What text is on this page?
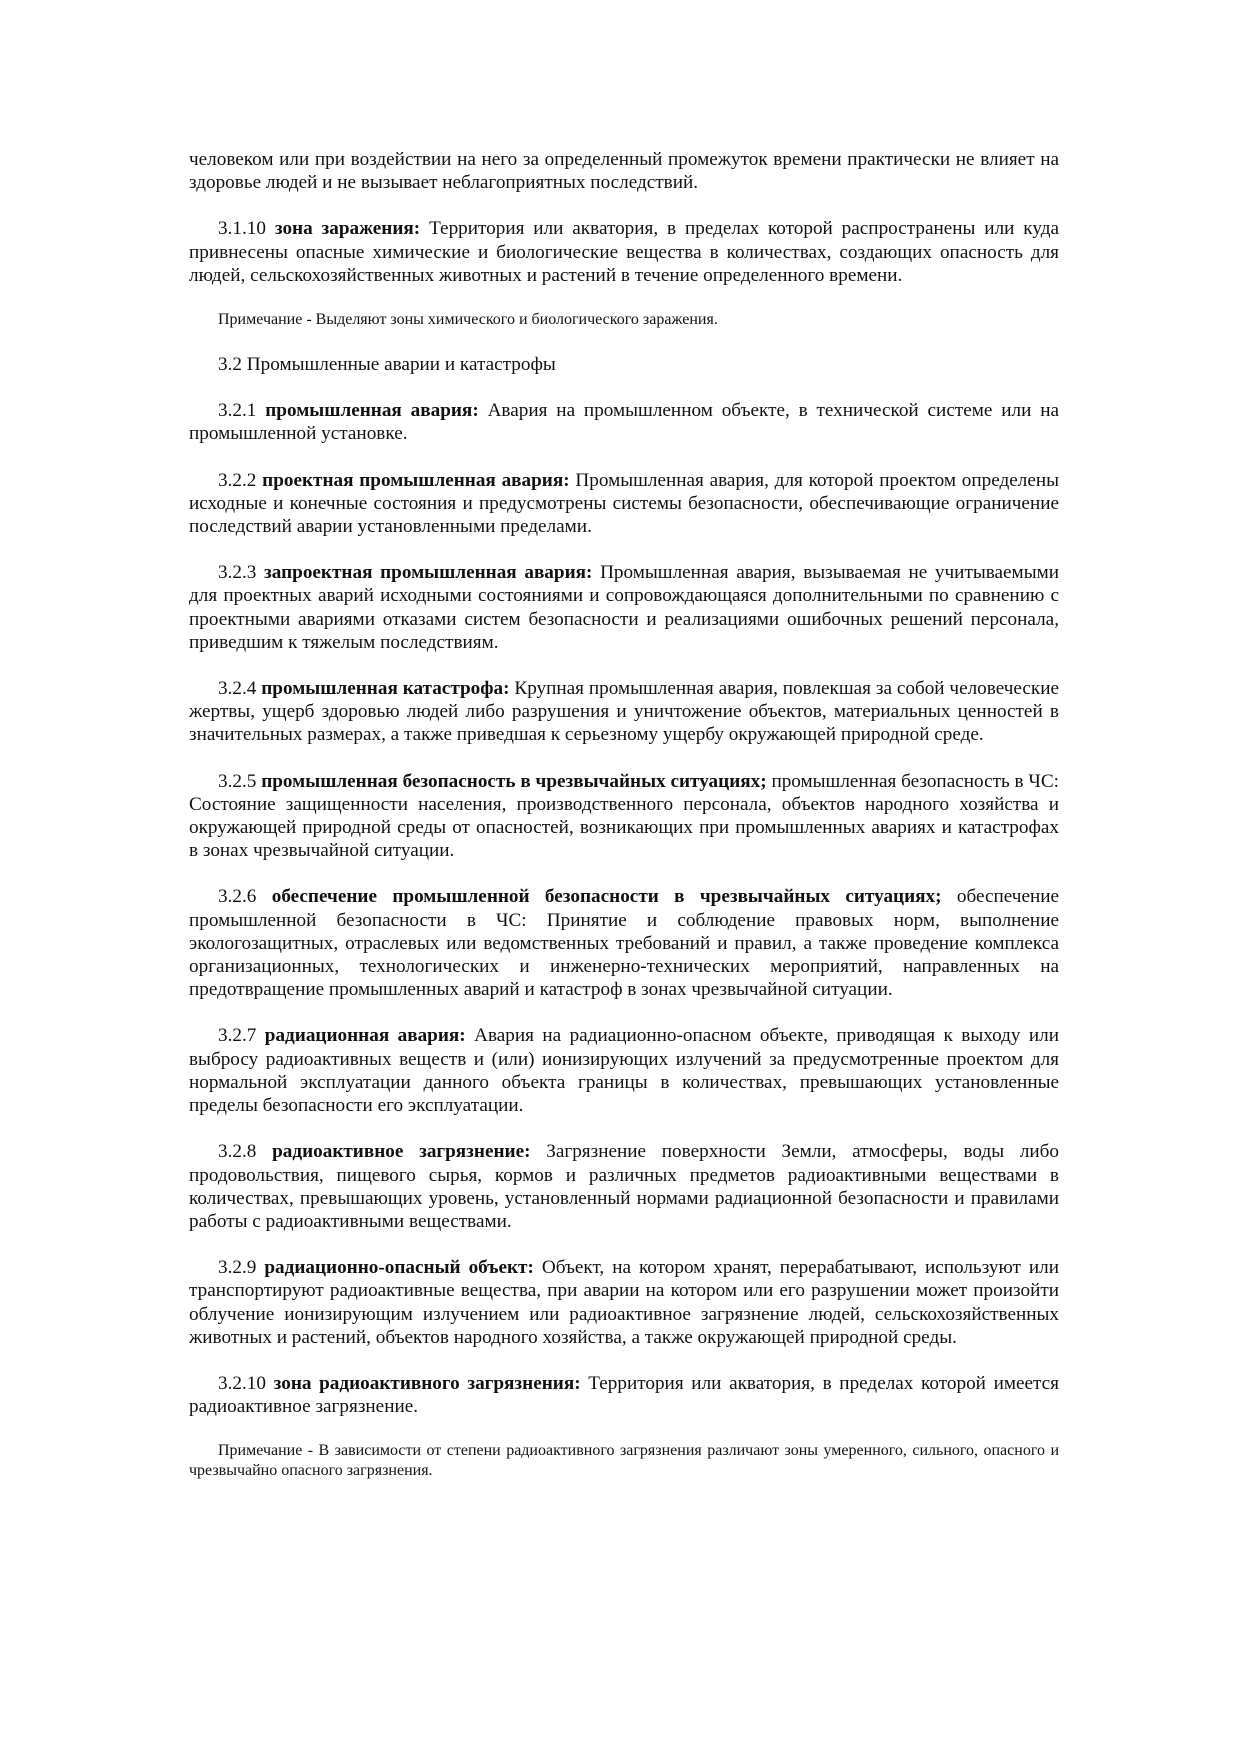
человеком или при воздействии на него за определенный промежуток времени практически не влияет на здоровье людей и не вызывает неблагоприятных последствий.

3.1.10 зона заражения: Территория или акватория, в пределах которой распространены или куда привнесены опасные химические и биологические вещества в количествах, создающих опасность для людей, сельскохозяйственных животных и растений в течение определенного времени.

Примечание - Выделяют зоны химического и биологического заражения.

3.2 Промышленные аварии и катастрофы

3.2.1 промышленная авария: Авария на промышленном объекте, в технической системе или на промышленной установке.

3.2.2 проектная промышленная авария: Промышленная авария, для которой проектом определены исходные и конечные состояния и предусмотрены системы безопасности, обеспечивающие ограничение последствий аварии установленными пределами.

3.2.3 запроектная промышленная авария: Промышленная авария, вызываемая не учитываемыми для проектных аварий исходными состояниями и сопровождающаяся дополнительными по сравнению с проектными авариями отказами систем безопасности и реализациями ошибочных решений персонала, приведшим к тяжелым последствиям.

3.2.4 промышленная катастрофа: Крупная промышленная авария, повлекшая за собой человеческие жертвы, ущерб здоровью людей либо разрушения и уничтожение объектов, материальных ценностей в значительных размерах, а также приведшая к серьезному ущербу окружающей природной среде.

3.2.5 промышленная безопасность в чрезвычайных ситуациях; промышленная безопасность в ЧС: Состояние защищенности населения, производственного персонала, объектов народного хозяйства и окружающей природной среды от опасностей, возникающих при промышленных авариях и катастрофах в зонах чрезвычайной ситуации.

3.2.6 обеспечение промышленной безопасности в чрезвычайных ситуациях; обеспечение промышленной безопасности в ЧС: Принятие и соблюдение правовых норм, выполнение экологозащитных, отраслевых или ведомственных требований и правил, а также проведение комплекса организационных, технологических и инженерно-технических мероприятий, направленных на предотвращение промышленных аварий и катастроф в зонах чрезвычайной ситуации.

3.2.7 радиационная авария: Авария на радиационно-опасном объекте, приводящая к выходу или выбросу радиоактивных веществ и (или) ионизирующих излучений за предусмотренные проектом для нормальной эксплуатации данного объекта границы в количествах, превышающих установленные пределы безопасности его эксплуатации.

3.2.8 радиоактивное загрязнение: Загрязнение поверхности Земли, атмосферы, воды либо продовольствия, пищевого сырья, кормов и различных предметов радиоактивными веществами в количествах, превышающих уровень, установленный нормами радиационной безопасности и правилами работы с радиоактивными веществами.

3.2.9 радиационно-опасный объект: Объект, на котором хранят, перерабатывают, используют или транспортируют радиоактивные вещества, при аварии на котором или его разрушении может произойти облучение ионизирующим излучением или радиоактивное загрязнение людей, сельскохозяйственных животных и растений, объектов народного хозяйства, а также окружающей природной среды.

3.2.10 зона радиоактивного загрязнения: Территория или акватория, в пределах которой имеется радиоактивное загрязнение.

Примечание - В зависимости от степени радиоактивного загрязнения различают зоны умеренного, сильного, опасного и чрезвычайно опасного загрязнения.
